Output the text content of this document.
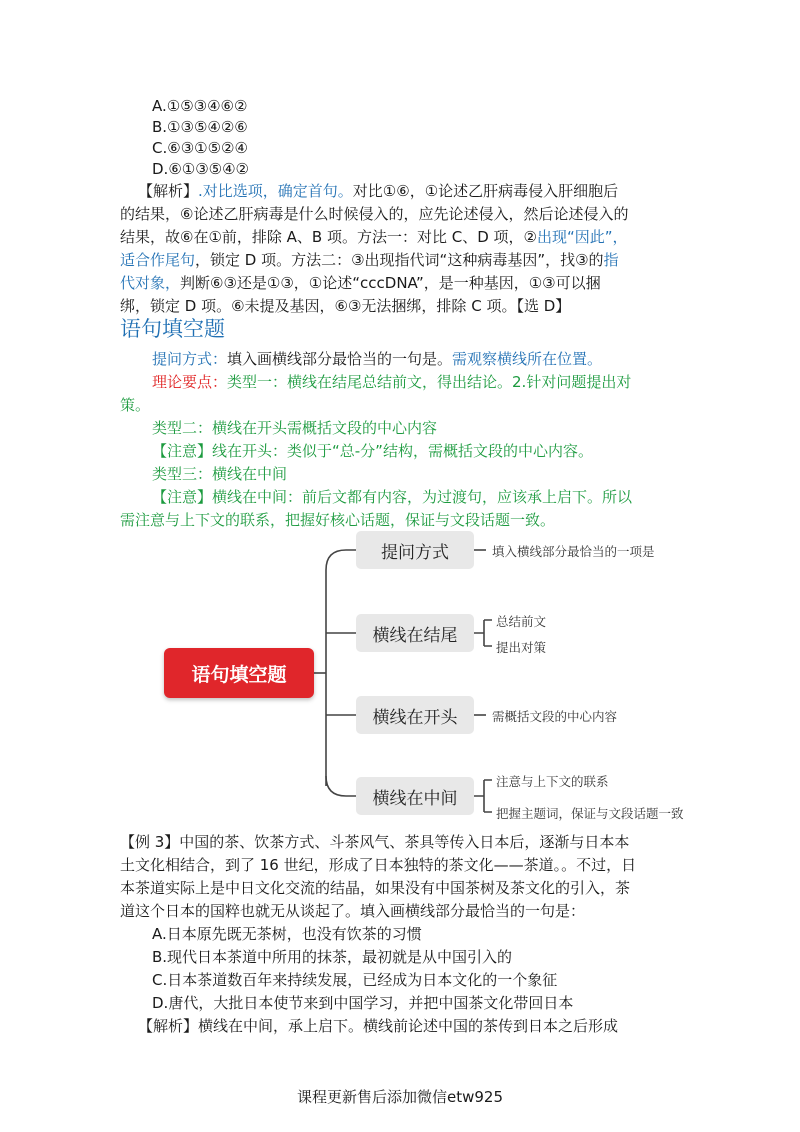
A.①⑤③④⑥②
B.①③⑤④②⑥
C.⑥③①⑤②④
D.⑥①③⑤④②
【解析】.对比选项，确定首句。对比①⑥，①论述乙肝病毒侵入肝细胞后
的结果，⑥论述乙肝病毒是什么时候侵入的，应先论述侵入，然后论述侵入的
结果，故⑥在①前，排除 A、B 项。方法一：对比 C、D 项，②出现“因此”，
适合作尾句，锁定 D 项。方法二：③出现指代词“这种病毒基因”，找③的指
代对象，判断⑥③还是①③，①论述“cccDNA”，是一种基因，①③可以捆
绑，锁定 D 项。⑥未提及基因，⑥③无法捆绑，排除 C 项。【选 D】
语句填空题
提问方式：填入画横线部分最恰当的一句是。需观察横线所在位置。
理论要点：类型一：横线在结尾总结前文，得出结论。2.针对问题提出对
策。
类型二：横线在开头需概括文段的中心内容
【注意】线在开头：类似于“总-分”结构，需概括文段的中心内容。
类型三：横线在中间
【注意】横线在中间：前后文都有内容，为过渡句，应该承上启下。所以
需注意与上下文的联系，把握好核心话题，保证与文段话题一致。
语句填空题
提问方式
横线在结尾
横线在开头
横线在中间
填入横线部分最恰当的一项是
总结前文
提出对策
需概括文段的中心内容
注意与上下文的联系
把握主题词，保证与文段话题一致
【例 3】中国的茶、饮茶方式、斗茶风气、茶具等传入日本后，逐渐与日本本
土文化相结合，到了 16 世纪，形成了日本独特的茶文化——茶道。。不过，日
本茶道实际上是中日文化交流的结晶，如果没有中国茶树及茶文化的引入，茶
道这个日本的国粹也就无从谈起了。填入画横线部分最恰当的一句是：
A.日本原先既无茶树，也没有饮茶的习惯
B.现代日本茶道中所用的抹茶，最初就是从中国引入的
C.日本茶道数百年来持续发展，已经成为日本文化的一个象征
D.唐代，大批日本使节来到中国学习，并把中国茶文化带回日本
【解析】横线在中间，承上启下。横线前论述中国的茶传到日本之后形成
课程更新售后添加微信etw925
